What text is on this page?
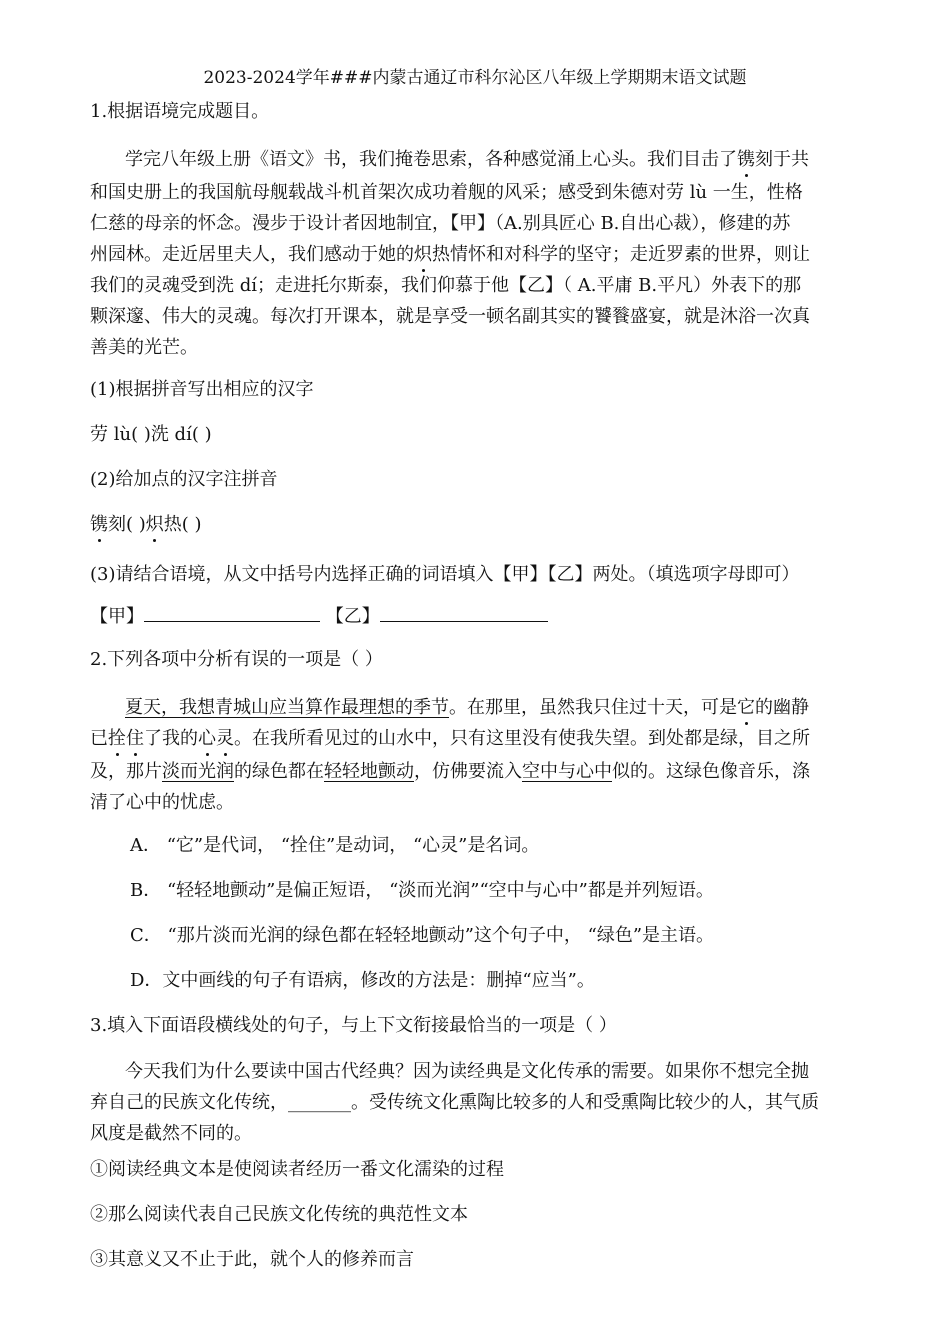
2023-2024学年###内蒙古通辽市科尔沁区八年级上学期期末语文试题
1.根据语境完成题目。
学完八年级上册《语文》书，我们掩卷思索，各种感觉涌上心头。我们目击了镌刻于共
和国史册上的我国航母舰载战斗机首架次成功着舰的风采；感受到朱德对劳 lù 一生，性格
仁慈的母亲的怀念。漫步于设计者因地制宜，【甲】（A.别具匠心 B.自出心裁），修建的苏
州园林。走近居里夫人，我们感动于她的炽热情怀和对科学的坚守；走近罗素的世界，则让
我们的灵魂受到洗 dí；走进托尔斯泰，我们仰慕于他【乙】（ A.平庸 B.平凡）外表下的那
颗深邃、伟大的灵魂。每次打开课本，就是享受一顿名副其实的饕餮盛宴，就是沐浴一次真
善美的光芒。
(1)根据拼音写出相应的汉字
劳 lù( )洗 dí( )
(2)给加点的汉字注拼音
镌刻( )炽热( )
(3)请结合语境，从文中括号内选择正确的词语填入【甲】【乙】两处。（填选项字母即可）
【甲】	【乙】
2.下列各项中分析有误的一项是（ ）
夏天，我想青城山应当算作最理想的季节。在那里，虽然我只住过十天，可是它的幽静
已拴住了我的心灵。在我所看见过的山水中，只有这里没有使我失望。到处都是绿，目之所
及，那片淡而光润的绿色都在轻轻地颤动，仿佛要流入空中与心中似的。这绿色像音乐，涤
清了心中的忧虑。
A． “它”是代词， “拴住”是动词， “心灵”是名词。
B． “轻轻地颤动”是偏正短语， “淡而光润”“空中与心中”都是并列短语。
C． “那片淡而光润的绿色都在轻轻地颤动”这个句子中， “绿色”是主语。
D．文中画线的句子有语病，修改的方法是：删掉“应当”。
3.填入下面语段横线处的句子，与上下文衔接最恰当的一项是（ ）
今天我们为什么要读中国古代经典？因为读经典是文化传承的需要。如果你不想完全抛
弃自己的民族文化传统，_______。受传统文化熏陶比较多的人和受熏陶比较少的人，其气质
风度是截然不同的。
①阅读经典文本是使阅读者经历一番文化濡染的过程
②那么阅读代表自己民族文化传统的典范性文本
③其意义又不止于此，就个人的修养而言
